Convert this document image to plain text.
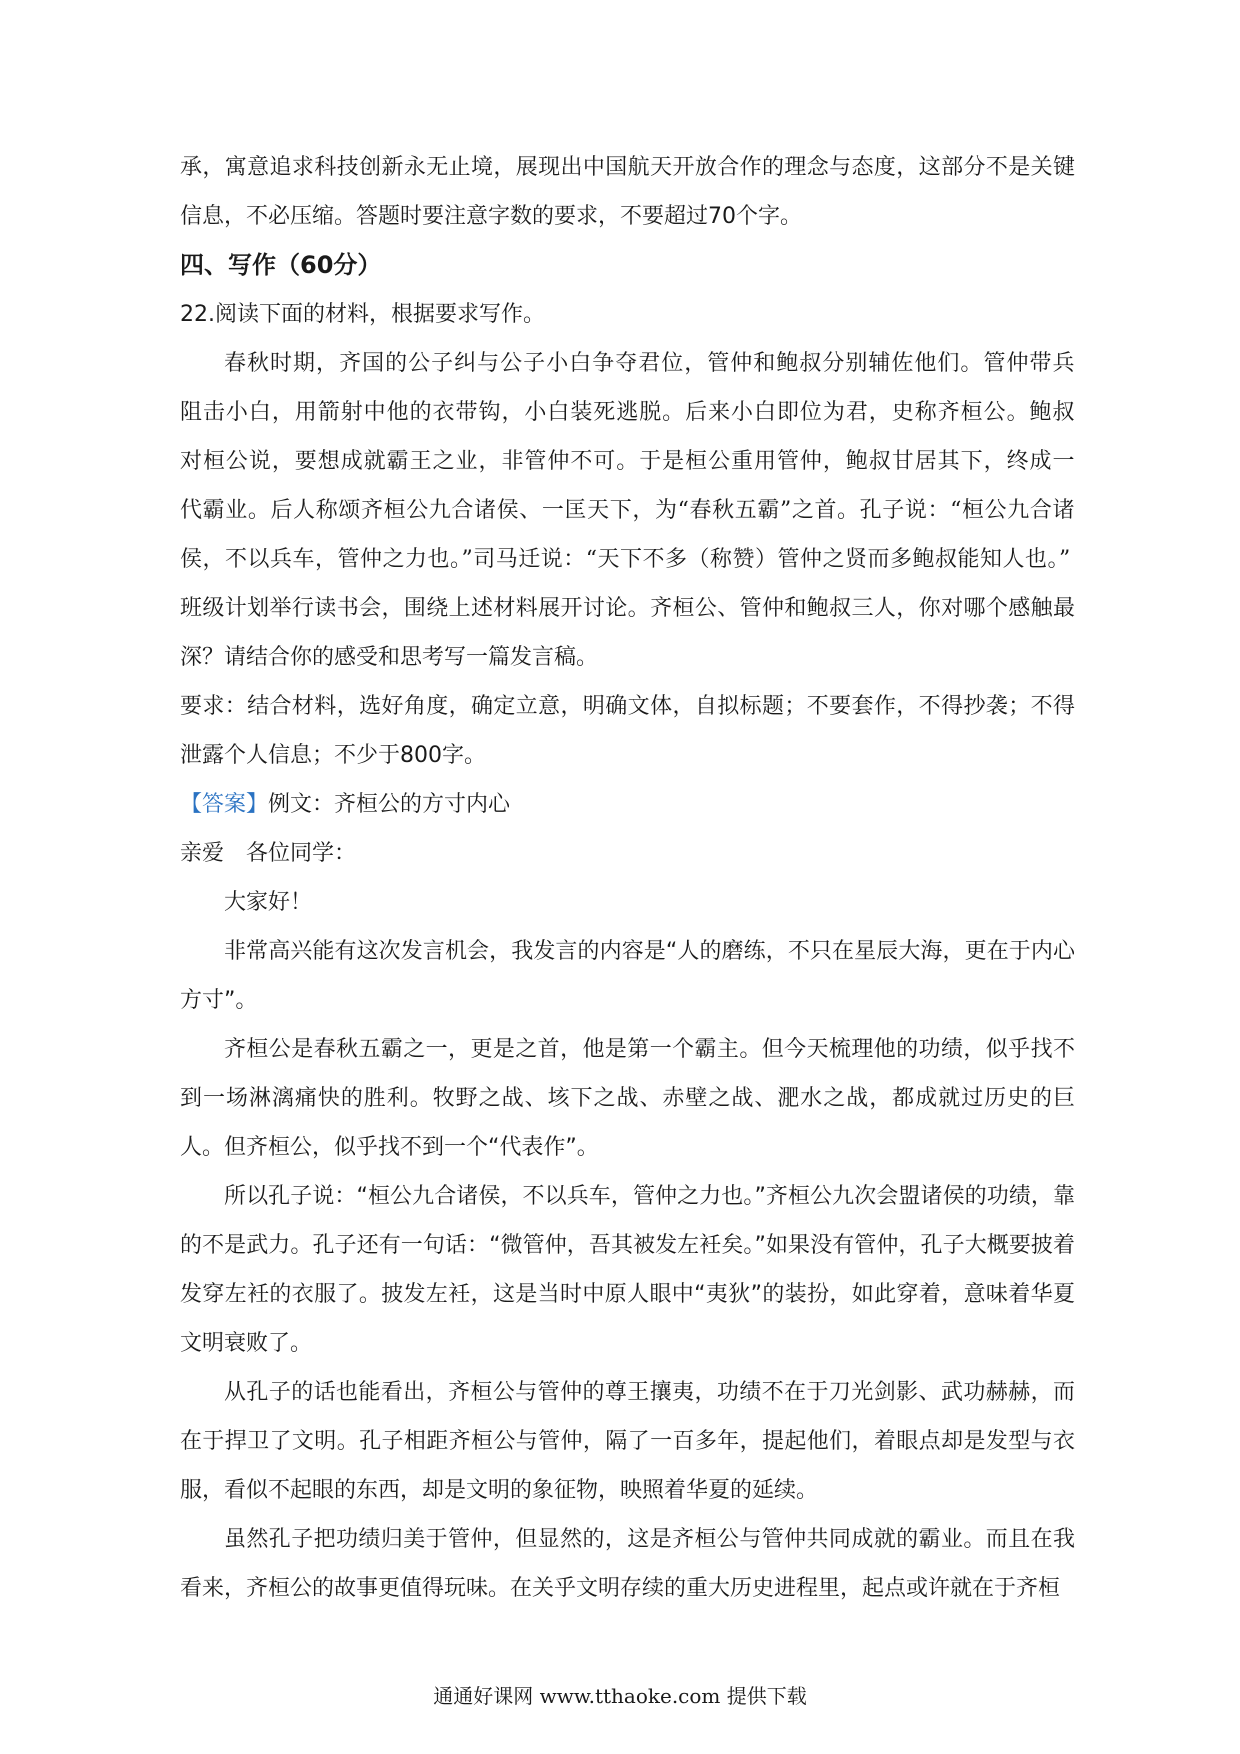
承，寓意追求科技创新永无止境，展现出中国航天开放合作的理念与态度，这部分不是关键信息，不必压缩。答题时要注意字数的要求，不要超过70个字。

四、写作（60分）

22.阅读下面的材料，根据要求写作。

春秋时期，齐国的公子纠与公子小白争夺君位，管仲和鲍叔分别辅佐他们。管仲带兵阻击小白，用箭射中他的衣带钩，小白装死逃脱。后来小白即位为君，史称齐桓公。鲍叔对桓公说，要想成就霸王之业，非管仲不可。于是桓公重用管仲，鲍叔甘居其下，终成一代霸业。后人称颂齐桓公九合诸侯、一匡天下，为“春秋五霸”之首。孔子说：“桓公九合诸侯，不以兵车，管仲之力也。”司马迁说：“天下不多（称赞）管仲之贤而多鲍叔能知人也。”

班级计划举行读书会，围绕上述材料展开讨论。齐桓公、管仲和鲍叔三人，你对哪个感触最深？请结合你的感受和思考写一篇发言稿。

要求：结合材料，选好角度，确定立意，明确文体，自拟标题；不要套作，不得抄袭；不得泄露个人信息；不少于800字。

【答案】例文：齐桓公的方寸内心

亲爱　各位同学：

大家好！

非常高兴能有这次发言机会，我发言的内容是“人的磨练，不只在星辰大海，更在于内心方寸”。

齐桓公是春秋五霸之一，更是之首，他是第一个霸主。但今天梳理他的功绩，似乎找不到一场淋漓痛快的胜利。牧野之战、垓下之战、赤壁之战、淝水之战，都成就过历史的巨人。但齐桓公，似乎找不到一个“代表作”。

所以孔子说：“桓公九合诸侯，不以兵车，管仲之力也。”齐桓公九次会盟诸侯的功绩，靠的不是武力。孔子还有一句话：“微管仲，吾其被发左衽矣。”如果没有管仲，孔子大概要披着发穿左衽的衣服了。披发左衽，这是当时中原人眼中“夷狄”的装扮，如此穿着，意味着华夏文明衰败了。

从孔子的话也能看出，齐桓公与管仲的尊王攘夷，功绩不在于刀光剑影、武功赫赫，而在于捍卫了文明。孔子相距齐桓公与管仲，隔了一百多年，提起他们，着眼点却是发型与衣服，看似不起眼的东西，却是文明的象征物，映照着华夏的延续。

虽然孔子把功绩归美于管仲，但显然的，这是齐桓公与管仲共同成就的霸业。而且在我看来，齐桓公的故事更值得玩味。在关乎文明存续的重大历史进程里，起点或许就在于齐桓

通通好课网 www.tthaoke.com 提供下载
